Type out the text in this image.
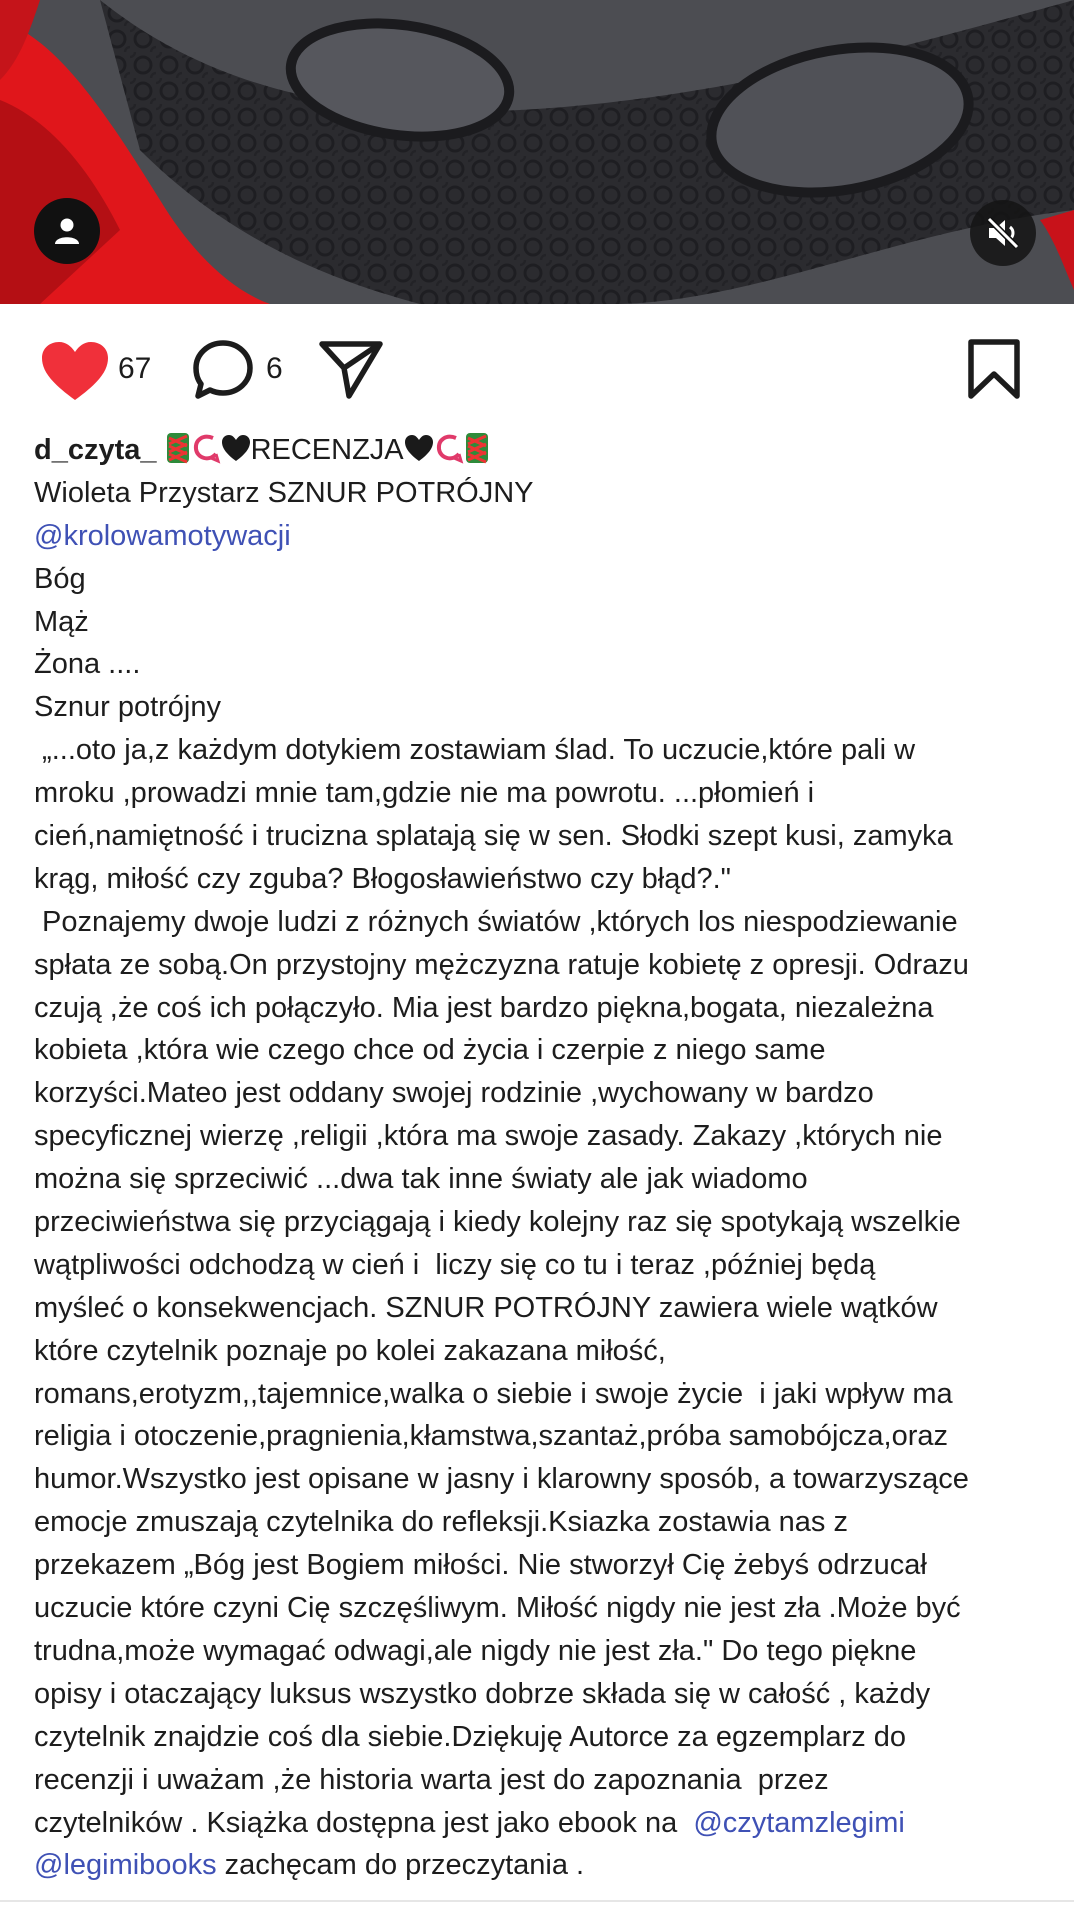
67	6
d_czyta_	RECENZJA
Wioleta Przystarz SZNUR POTRÓJNY
@krolowamotywacji
Bóg
Mąż
Żona ....
Sznur potrójny
„...oto ja,z każdym dotykiem zostawiam ślad. To uczucie,które pali w
mroku ,prowadzi mnie tam,gdzie nie ma powrotu. ...płomień i
cień,namiętność i trucizna splatają się w sen. Słodki szept kusi, zamyka
krąg, miłość czy zguba? Błogosławieństwo czy błąd?."
Poznajemy dwoje ludzi z różnych światów ,których los niespodziewanie
spłata ze sobą.On przystojny mężczyzna ratuje kobietę z opresji. Odrazu
czują ,że coś ich połączyło. Mia jest bardzo piękna,bogata, niezależna
kobieta ,która wie czego chce od życia i czerpie z niego same
korzyści.Mateo jest oddany swojej rodzinie ,wychowany w bardzo
specyficznej wierzę ,religii ,która ma swoje zasady. Zakazy ,których nie
można się sprzeciwić ...dwa tak inne światy ale jak wiadomo
przeciwieństwa się przyciągają i kiedy kolejny raz się spotykają wszelkie
wątpliwości odchodzą w cień i  liczy się co tu i teraz ,później będą
myśleć o konsekwencjach. SZNUR POTRÓJNY zawiera wiele wątków
które czytelnik poznaje po kolei zakazana miłość,
romans,erotyzm,,tajemnice,walka o siebie i swoje życie  i jaki wpływ ma
religia i otoczenie,pragnienia,kłamstwa,szantaż,próba samobójcza,oraz
humor.Wszystko jest opisane w jasny i klarowny sposób, a towarzyszące
emocje zmuszają czytelnika do refleksji.Ksiazka zostawia nas z
przekazem „Bóg jest Bogiem miłości. Nie stworzył Cię żebyś odrzucał
uczucie które czyni Cię szczęśliwym. Miłość nigdy nie jest zła .Może być
trudna,może wymagać odwagi,ale nigdy nie jest zła." Do tego piękne
opisy i otaczający luksus wszystko dobrze składa się w całość , każdy
czytelnik znajdzie coś dla siebie.Dziękuję Autorce za egzemplarz do
recenzji i uważam ,że historia warta jest do zapoznania  przez
czytelników . Książka dostępna jest jako ebook na  @czytamzlegimi
@legimibooks zachęcam do przeczytania .
